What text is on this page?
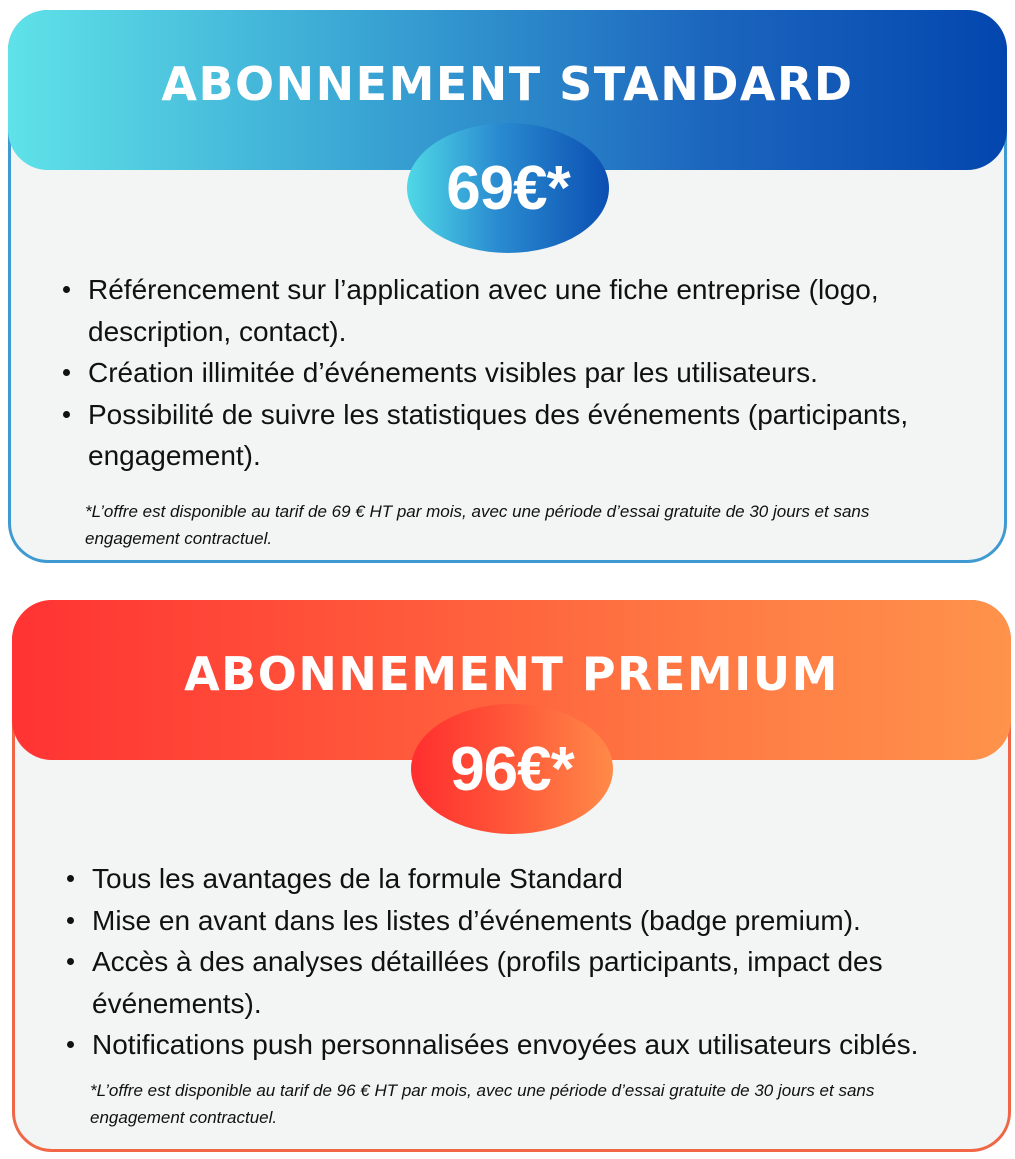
ABONNEMENT STANDARD
69€*
Référencement sur l’application avec une fiche entreprise (logo, description, contact).
Création illimitée d’événements visibles par les utilisateurs.
Possibilité de suivre les statistiques des événements (participants, engagement).
*L’offre est disponible au tarif de 69 € HT par mois, avec une période d’essai gratuite de 30 jours et sans engagement contractuel.
ABONNEMENT PREMIUM
96€*
Tous les avantages de la formule Standard
Mise en avant dans les listes d’événements (badge premium).
Accès à des analyses détaillées (profils participants, impact des événements).
Notifications push personnalisées envoyées aux utilisateurs ciblés.
*L’offre est disponible au tarif de 96 € HT par mois, avec une période d’essai gratuite de 30 jours et sans engagement contractuel.
